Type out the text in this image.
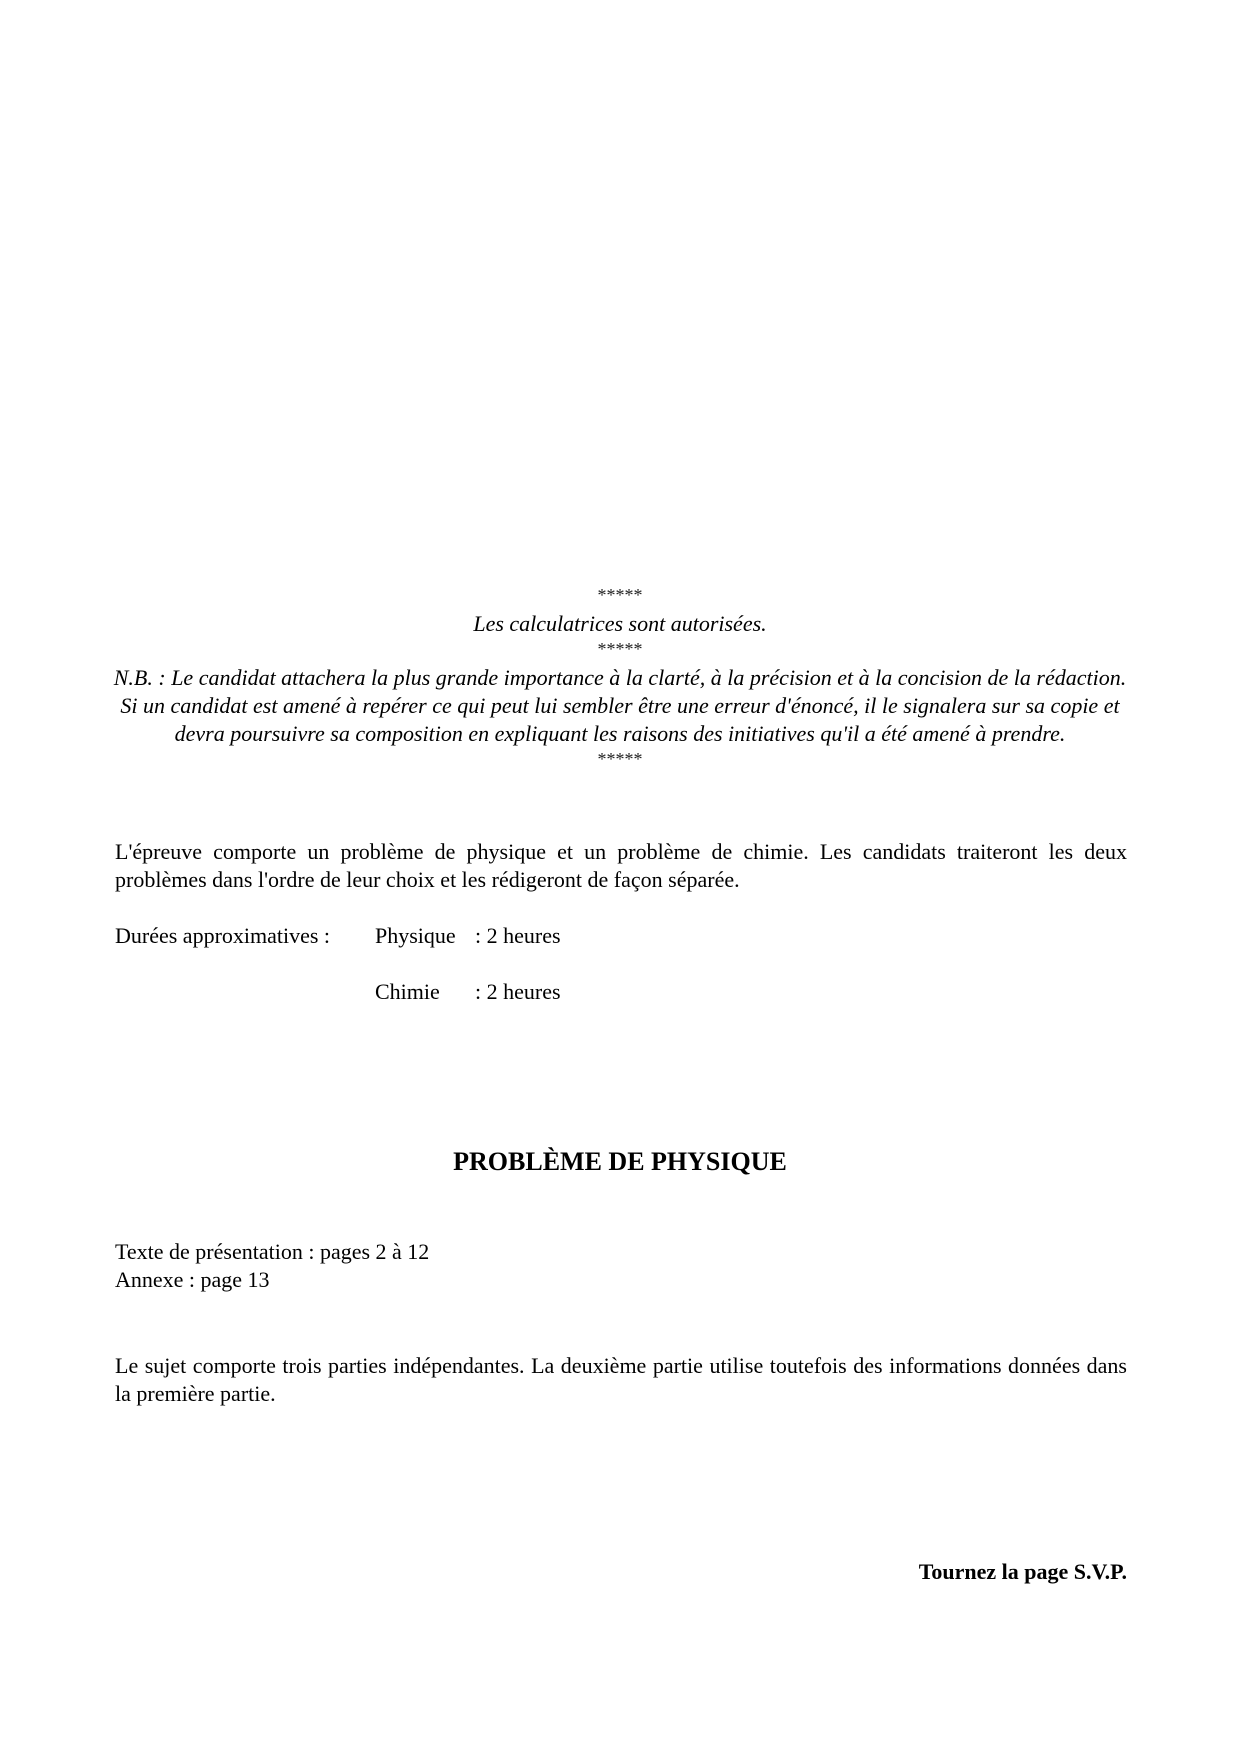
*****
Les calculatrices sont autorisées.
*****
N.B. : Le candidat attachera la plus grande importance à la clarté, à la précision et à la concision de la rédaction. Si un candidat est amené à repérer ce qui peut lui sembler être une erreur d'énoncé, il le signalera sur sa copie et devra poursuivre sa composition en expliquant les raisons des initiatives qu'il a été amené à prendre.
*****
L'épreuve comporte un problème de physique et un problème de chimie. Les candidats traiteront les deux problèmes dans l'ordre de leur choix et les rédigeront de façon séparée.
Durées approximatives : Physique : 2 heures
Chimie : 2 heures
PROBLÈME DE PHYSIQUE
Texte de présentation : pages 2 à 12
Annexe : page 13
Le sujet comporte trois parties indépendantes. La deuxième partie utilise toutefois des informations données dans la première partie.
Tournez la page S.V.P.
